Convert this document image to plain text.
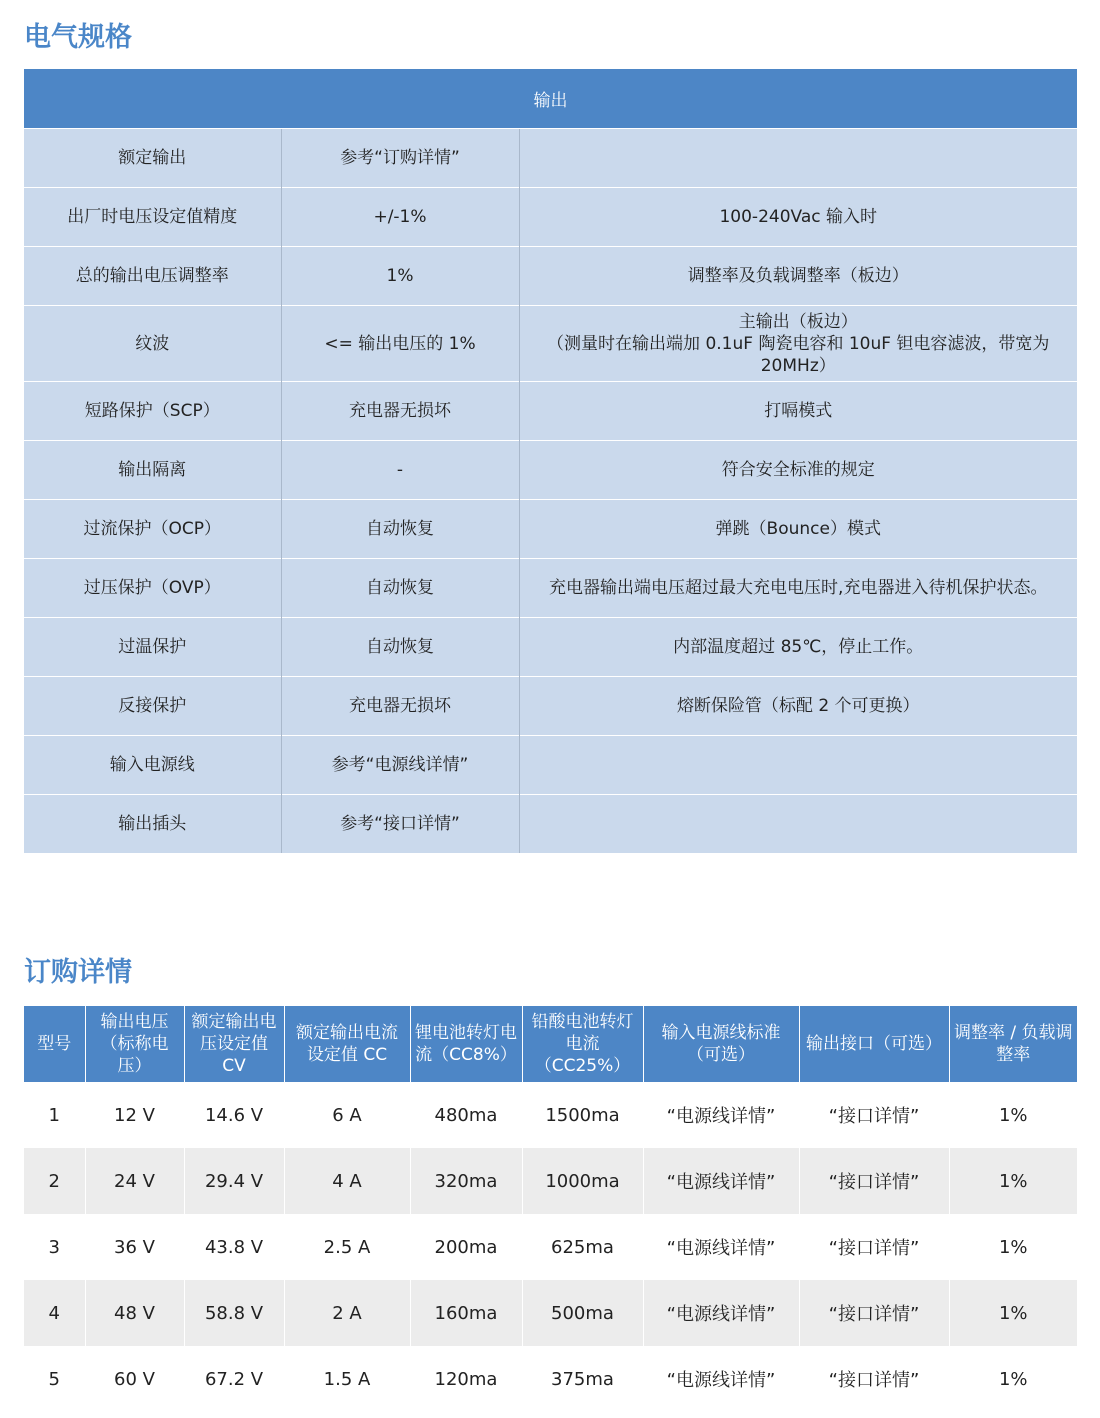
电气规格
输出		
额定输出	参考“订购详情”	
出厂时电压设定值精度	+/-1%	100-240Vac 输入时
总的输出电压调整率	1%	调整率及负载调整率（板边）
纹波	<= 输出电压的 1%	主输出（板边）
（测量时在输出端加 0.1uF 陶瓷电容和 10uF 钽电容滤波，带宽为 20MHz）
短路保护（SCP）	充电器无损坏	打嗝模式
输出隔离	-	符合安全标准的规定
过流保护（OCP）	自动恢复	弹跳（Bounce）模式
过压保护（OVP）	自动恢复	充电器输出端电压超过最大充电电压时,充电器进入待机保护状态。
过温保护	自动恢复	内部温度超过 85℃，停止工作。
反接保护	充电器无损坏	熔断保险管（标配 2 个可更换）
输入电源线	参考“电源线详情”	
输出插头	参考“接口详情”	
订购详情
型号	输出电压（标称电压）	额定输出电压设定值 CV	额定输出电流设定值 CC	锂电池转灯电流（CC8%）	铅酸电池转灯电流（CC25%）	输入电源线标准（可选）	输出接口（可选）	调整率 / 负载调整率
1	12 V	14.6 V	6 A	480ma	1500ma	“电源线详情”	“接口详情”	1%
2	24 V	29.4 V	4 A	320ma	1000ma	“电源线详情”	“接口详情”	1%
3	36 V	43.8 V	2.5 A	200ma	625ma	“电源线详情”	“接口详情”	1%
4	48 V	58.8 V	2 A	160ma	500ma	“电源线详情”	“接口详情”	1%
5	60 V	67.2 V	1.5 A	120ma	375ma	“电源线详情”	“接口详情”	1%
